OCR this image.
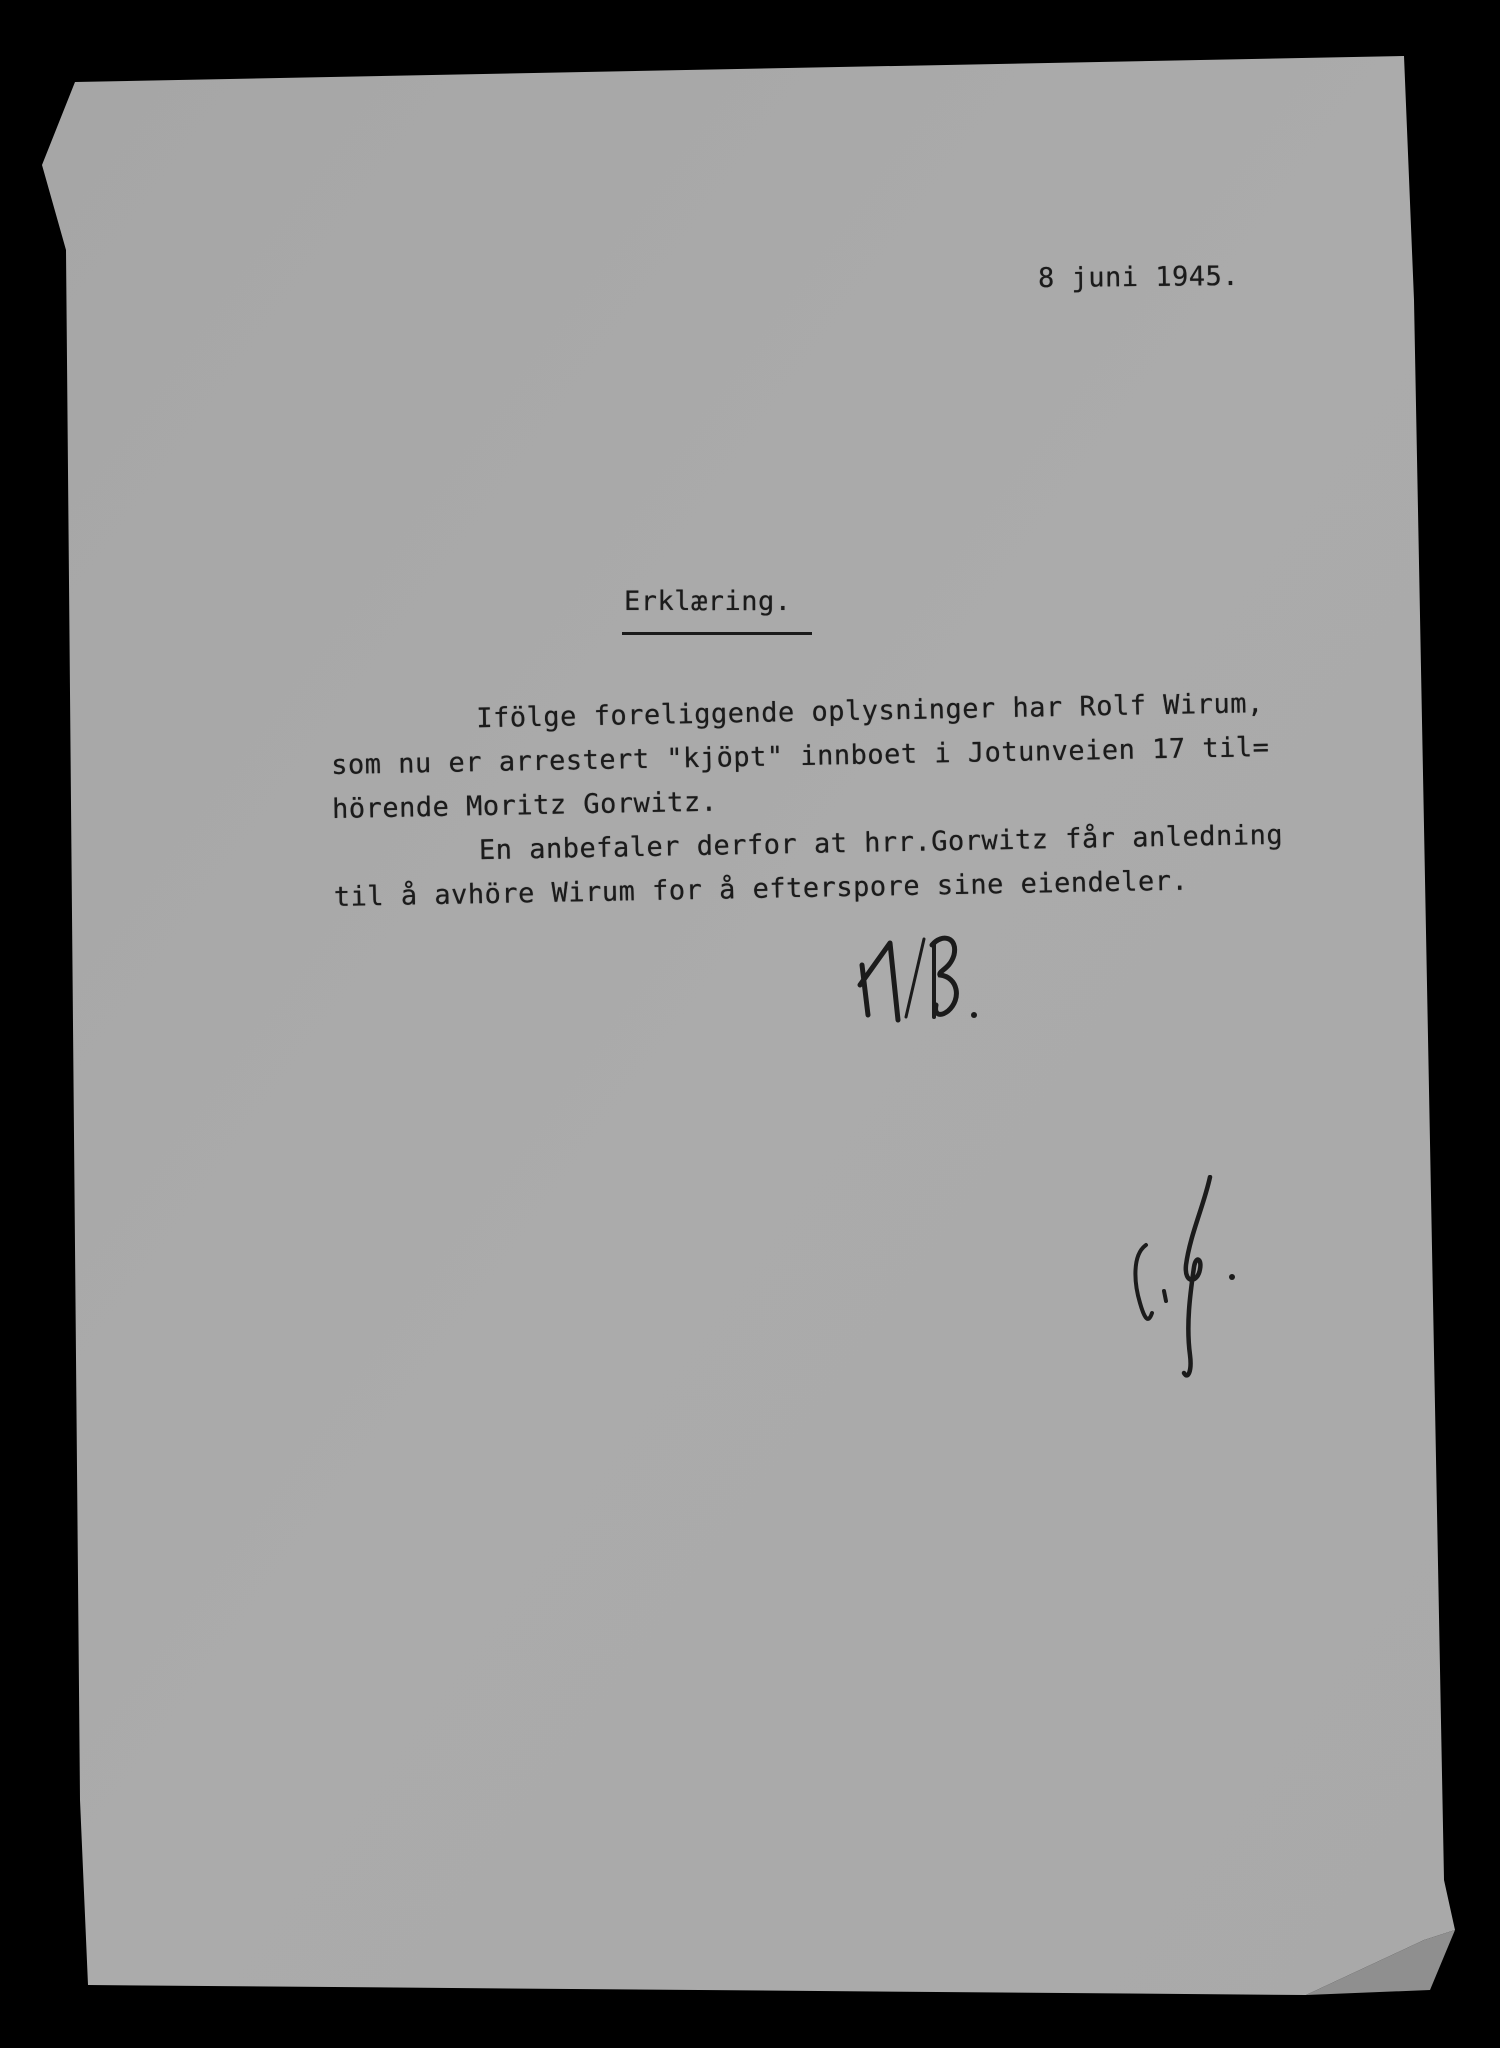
8 juni 1945.
Erklæring.
Ifölge foreliggende oplysninger har Rolf Wirum,
som nu er arrestert "kjöpt" innboet i Jotunveien 17 til=
hörende Moritz Gorwitz.
En anbefaler derfor at hrr.Gorwitz får anledning
til å avhöre Wirum for å efterspore sine eiendeler.
